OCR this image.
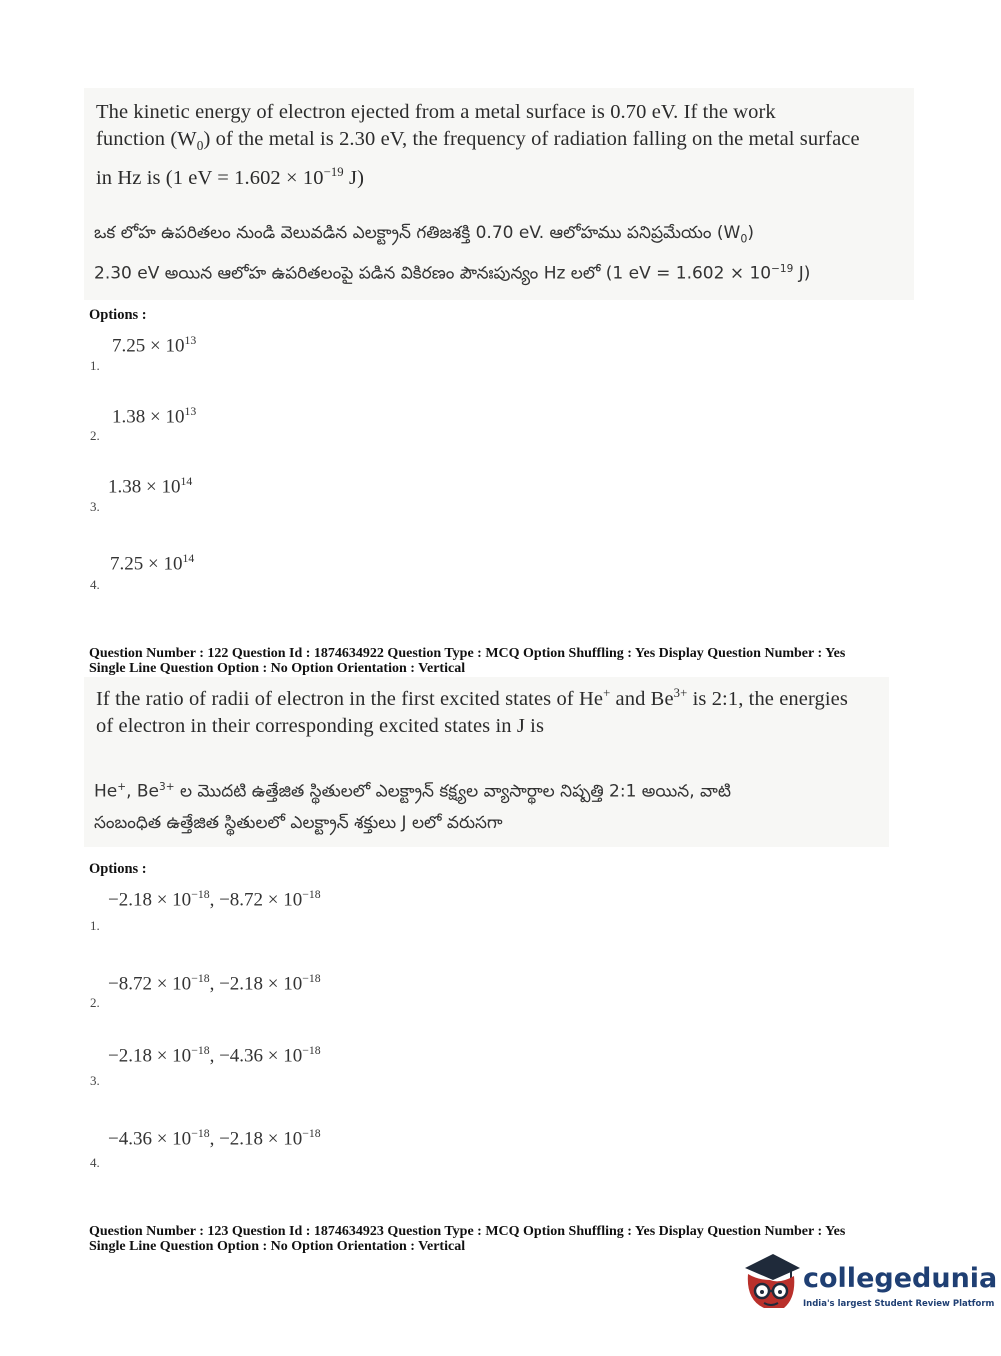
The kinetic energy of electron ejected from a metal surface is 0.70 eV. If the work
function $(W_0)$ of the metal is 2.30 eV, the frequency of radiation falling on the metal surface
in Hz is (1 eV = $1.602 \times 10^{-19}$ J)
ఒక లోహ ఉపరితలం నుండి వెలువడిన ఎలక్ట్రాన్ గతిజశక్తి 0.70 eV. ఆలోహము పనిప్రమేయం $(W_0)$
2.30 eV అయిన ఆలోహ ఉపరితలంపై పడిన వికిరణం పౌనఃపున్యం Hz లలో (1 eV = $1.602 \times 10^{-19}$ J)
Options :
$7.25 \times 10^{13}$
1.
$1.38 \times 10^{13}$
2.
$1.38 \times 10^{14}$
3.
$7.25 \times 10^{14}$
4.
Question Number : 122 Question Id : 1874634922 Question Type : MCQ Option Shuffling : Yes Display Question Number : Yes
Single Line Question Option : No Option Orientation : Vertical
If the ratio of radii of electron in the first excited states of He+ and $Be^{3+}$ is 2:1, the energies
of electron in their corresponding excited states in J is
He+, $Be^{3+}$ ల మొదటి ఉత్తేజిత స్థితులలో ఎలక్ట్రాన్ కక్ష్యల వ్యాసార్థాల నిష్పత్తి 2:1 అయిన, వాటి
సంబంధిత ఉత్తేజిత స్థితులలో ఎలక్ట్రాన్ శక్తులు J లలో వరుసగా
Options :
$-2.18 \times 10^{-18}$, $-8.72 \times 10^{-18}$
1.
$-8.72 \times 10^{-18}$, $-2.18 \times 10^{-18}$
2.
$-2.18 \times 10^{-18}$, $-4.36 \times 10^{-18}$
3.
$-4.36 \times 10^{-18}$, $-2.18 \times 10^{-18}$
4.
Question Number : 123 Question Id : 1874634923 Question Type : MCQ Option Shuffling : Yes Display Question Number : Yes
Single Line Question Option : No Option Orientation : Vertical
collegedunia
India's largest Student Review Platform
